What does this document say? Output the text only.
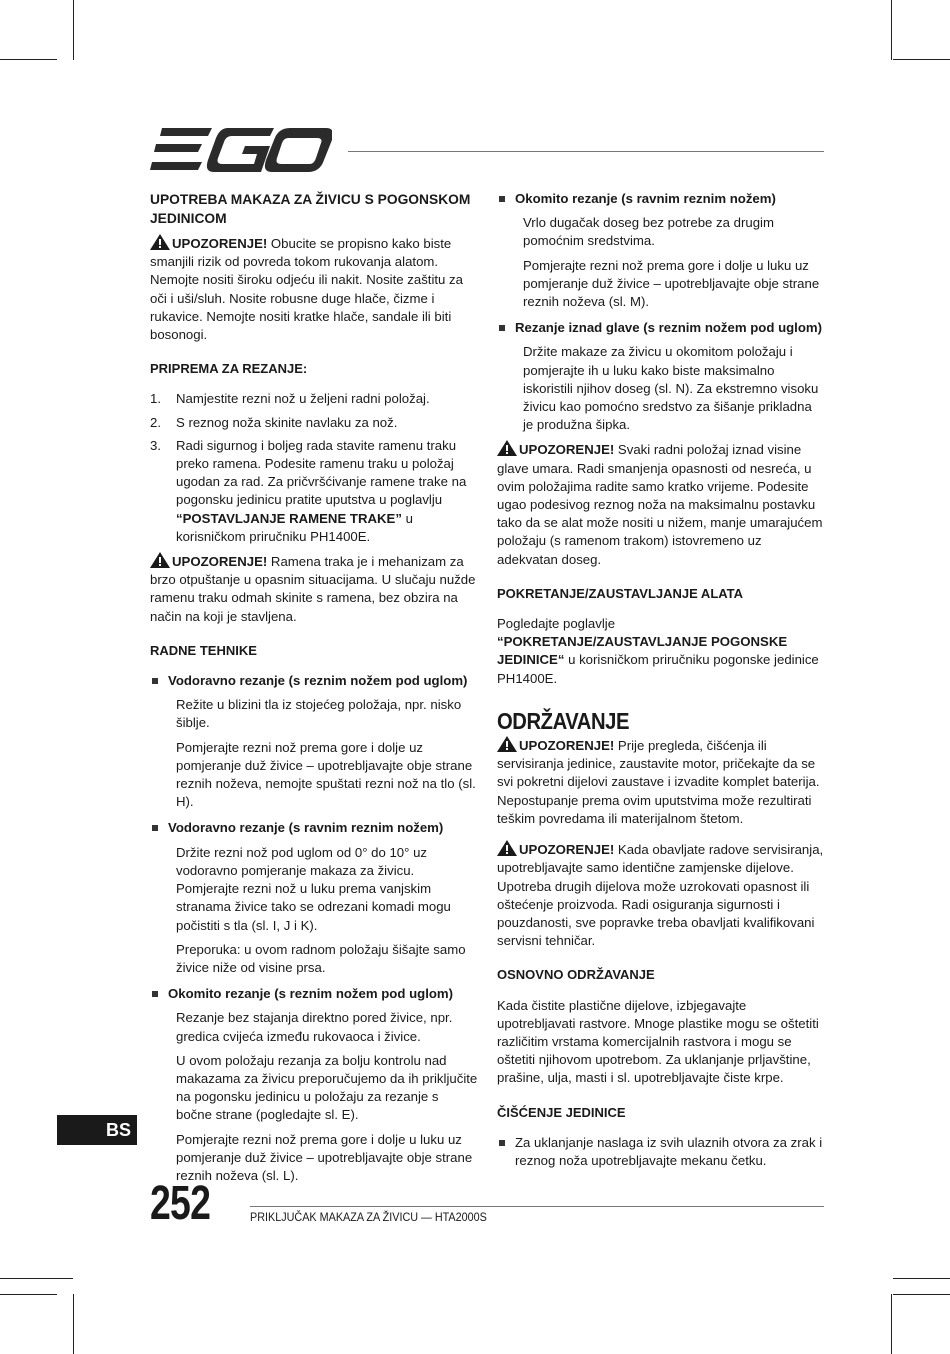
UPOTREBA MAKAZA ZA ŽIVICU S POGONSKOM JEDINICOM

UPOZORENJE! Obucite se propisno kako biste smanjili rizik od povreda tokom rukovanja alatom. Nemojte nositi široku odjeću ili nakit. Nosite zaštitu za oči i uši/sluh. Nosite robusne duge hlače, čizme i rukavice. Nemojte nositi kratke hlače, sandale ili biti bosonogi.

PRIPREMA ZA REZANJE:
1.	Namjestite rezni nož u željeni radni položaj.
2.	S reznog noža skinite navlaku za nož.
3.	Radi sigurnog i boljeg rada stavite ramenu traku preko ramena. Podesite ramenu traku u položaj ugodan za rad. Za pričvršćivanje ramene trake na pogonsku jedinicu pratite uputstva u poglavlju “POSTAVLJANJE RAMENE TRAKE” u korisničkom priručniku PH1400E.

UPOZORENJE! Ramena traka je i mehanizam za brzo otpuštanje u opasnim situacijama. U slučaju nužde ramenu traku odmah skinite s ramena, bez obzira na način na koji je stavljena.

RADNE TEHNIKE
Vodoravno rezanje (s reznim nožem pod uglom)

Režite u blizini tla iz stojećeg položaja, npr. nisko šiblje.

Pomjerajte rezni nož prema gore i dolje uz pomjeranje duž živice – upotrebljavajte obje strane reznih noževa, nemojte spuštati rezni nož na tlo (sl. H).

Vodoravno rezanje (s ravnim reznim nožem)

Držite rezni nož pod uglom od 0° do 10° uz vodoravno pomjeranje makaza za živicu. Pomjerajte rezni nož u luku prema vanjskim stranama živice tako se odrezani komadi mogu počistiti s tla (sl. I, J i K).

Preporuka: u ovom radnom položaju šišajte samo živice niže od visine prsa.

Okomito rezanje (s reznim nožem pod uglom)

Rezanje bez stajanja direktno pored živice, npr. gredica cvijeća između rukovaoca i živice.

U ovom položaju rezanja za bolju kontrolu nad makazama za živicu preporučujemo da ih priključite na pogonsku jedinicu u položaju za rezanje s bočne strane (pogledajte sl. E).

Pomjerajte rezni nož prema gore i dolje u luku uz pomjeranje duž živice – upotrebljavajte obje strane reznih noževa (sl. L).

Okomito rezanje (s ravnim reznim nožem)

Vrlo dugačak doseg bez potrebe za drugim pomoćnim sredstvima.

Pomjerajte rezni nož prema gore i dolje u luku uz pomjeranje duž živice – upotrebljavajte obje strane reznih noževa (sl. M).

Rezanje iznad glave (s reznim nožem pod uglom)

Držite makaze za živicu u okomitom položaju i pomjerajte ih u luku kako biste maksimalno iskoristili njihov doseg (sl. N). Za ekstremno visoku živicu kao pomoćno sredstvo za šišanje prikladna je produžna šipka.

UPOZORENJE! Svaki radni položaj iznad visine glave umara. Radi smanjenja opasnosti od nesreća, u ovim položajima radite samo kratko vrijeme. Podesite ugao podesivog reznog noža na maksimalnu postavku tako da se alat može nositi u nižem, manje umarajućem položaju (s ramenom trakom) istovremeno uz adekvatan doseg.

POKRETANJE/ZAUSTAVLJANJE ALATA

Pogledajte poglavlje “POKRETANJE/ZAUSTAVLJANJE POGONSKE JEDINICE“ u korisničkom priručniku pogonske jedinice PH1400E.

ODRŽAVANJE

UPOZORENJE! Prije pregleda, čišćenja ili servisiranja jedinice, zaustavite motor, pričekajte da se svi pokretni dijelovi zaustave i izvadite komplet baterija. Nepostupanje prema ovim uputstvima može rezultirati teškim povredama ili materijalnom štetom.

UPOZORENJE! Kada obavljate radove servisiranja, upotrebljavajte samo identične zamjenske dijelove. Upotreba drugih dijelova može uzrokovati opasnost ili oštećenje proizvoda. Radi osiguranja sigurnosti i pouzdanosti, sve popravke treba obavljati kvalifikovani servisni tehničar.

OSNOVNO ODRŽAVANJE

Kada čistite plastične dijelove, izbjegavajte upotrebljavati rastvore. Mnoge plastike mogu se oštetiti različitim vrstama komercijalnih rastvora i mogu se oštetiti njihovom upotrebom. Za uklanjanje prljavštine, prašine, ulja, masti i sl. upotrebljavajte čiste krpe.

ČIŠĆENJE JEDINICE
Za uklanjanje naslaga iz svih ulaznih otvora za zrak i reznog noža upotrebljavajte mekanu četku.
BS
252	PRIKLJUČAK MAKAZA ZA ŽIVICU — HTA2000S
